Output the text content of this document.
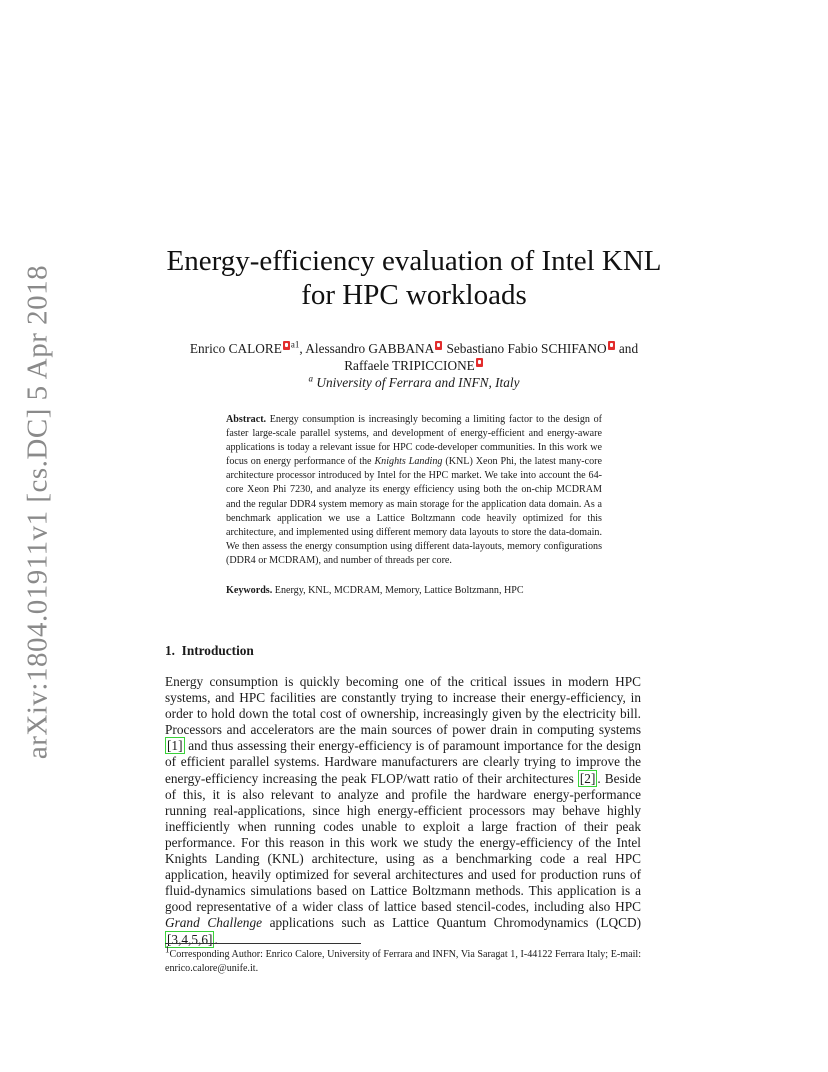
arXiv:1804.01911v1 [cs.DC] 5 Apr 2018
Energy-efficiency evaluation of Intel KNL
for HPC workloads
Enrico CALORE $^{a1}$, Alessandro GABBANA Sebastiano Fabio SCHIFANO and
Raffaele TRIPICCIONE
$^a$ University of Ferrara and INFN, Italy
Abstract. Energy consumption is increasingly becoming a limiting factor to the design of faster large-scale parallel systems, and development of energy-efficient and energy-aware applications is today a relevant issue for HPC code-developer communities. In this work we focus on energy performance of the Knights Landing (KNL) Xeon Phi, the latest many-core architecture processor introduced by Intel for the HPC market. We take into account the 64-core Xeon Phi 7230, and analyze its energy efficiency using both the on-chip MCDRAM and the regular DDR4 system memory as main storage for the application data domain. As a benchmark application we use a Lattice Boltzmann code heavily optimized for this architecture, and implemented using different memory data layouts to store the data-domain. We then assess the energy consumption using different data-layouts, memory configurations (DDR4 or MCDRAM), and number of threads per core.
Keywords. Energy, KNL, MCDRAM, Memory, Lattice Boltzmann, HPC
1. Introduction
Energy consumption is quickly becoming one of the critical issues in modern HPC systems, and HPC facilities are constantly trying to increase their energy-efficiency, in order to hold down the total cost of ownership, increasingly given by the electricity bill. Processors and accelerators are the main sources of power drain in computing systems [1] and thus assessing their energy-efficiency is of paramount importance for the design of efficient parallel systems. Hardware manufacturers are clearly trying to improve the energy-efficiency increasing the peak FLOP/watt ratio of their architectures [2] . Beside of this, it is also relevant to analyze and profile the hardware energy-performance running real-applications, since high energy-efficient processors may behave highly inefficiently when running codes unable to exploit a large fraction of their peak performance. For this reason in this work we study the energy-efficiency of the Intel Knights Landing (KNL) architecture, using as a benchmarking code a real HPC application, heavily optimized for several architectures and used for production runs of fluid-dynamics simulations based on Lattice Boltzmann methods. This application is a good representative of a wider class of lattice based stencil-codes, including also HPC Grand Challenge applications such as Lattice Quantum Chromodynamics (LQCD) [3,4,5,6] .
$^1$Corresponding Author: Enrico Calore, University of Ferrara and INFN, Via Saragat 1, I-44122 Ferrara Italy; E-mail: enrico.calore@unife.it.
